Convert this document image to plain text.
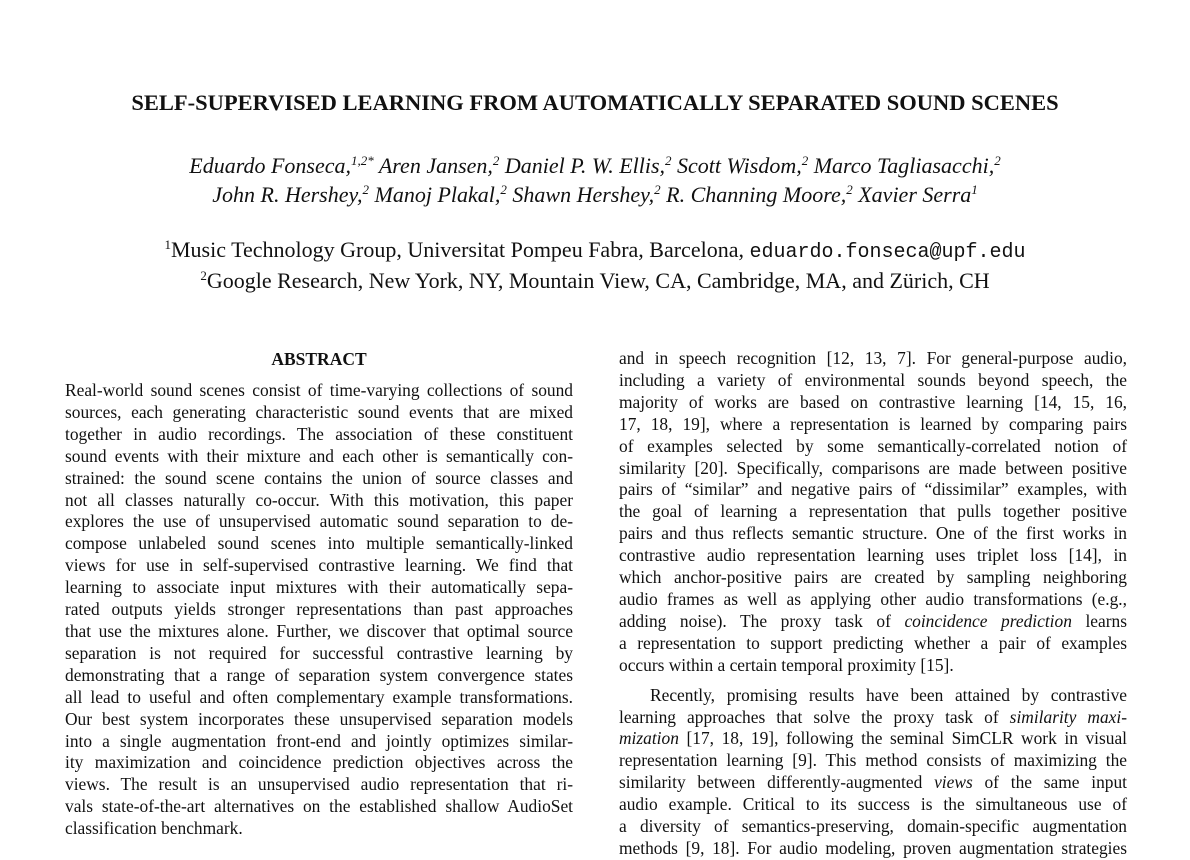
SELF-SUPERVISED LEARNING FROM AUTOMATICALLY SEPARATED SOUND SCENES
Eduardo Fonseca,$^{1,2*}$ Aren Jansen,$^2$ Daniel P. W. Ellis,$^2$ Scott Wisdom,$^2$ Marco Tagliasacchi,$^2$
John R. Hershey,$^2$ Manoj Plakal,$^2$ Shawn Hershey,$^2$ R. Channing Moore,$^2$ Xavier Serra$^1$
$^1$Music Technology Group, Universitat Pompeu Fabra, Barcelona, eduardo.fonseca@upf.edu
$^2$Google Research, New York, NY, Mountain View, CA, Cambridge, MA, and Zürich, CH
ABSTRACT
Real-world sound scenes consist of time-varying collections of sound
sources, each generating characteristic sound events that are mixed
together in audio recordings. The association of these constituent
sound events with their mixture and each other is semantically con-
strained: the sound scene contains the union of source classes and
not all classes naturally co-occur. With this motivation, this paper
explores the use of unsupervised automatic sound separation to de-
compose unlabeled sound scenes into multiple semantically-linked
views for use in self-supervised contrastive learning. We find that
learning to associate input mixtures with their automatically sepa-
rated outputs yields stronger representations than past approaches
that use the mixtures alone. Further, we discover that optimal source
separation is not required for successful contrastive learning by
demonstrating that a range of separation system convergence states
all lead to useful and often complementary example transformations.
Our best system incorporates these unsupervised separation models
into a single augmentation front-end and jointly optimizes similar-
ity maximization and coincidence prediction objectives across the
views. The result is an unsupervised audio representation that ri-
vals state-of-the-art alternatives on the established shallow AudioSet
classification benchmark.
and in speech recognition [12, 13, 7]. For general-purpose audio,
including a variety of environmental sounds beyond speech, the
majority of works are based on contrastive learning [14, 15, 16,
17, 18, 19], where a representation is learned by comparing pairs
of examples selected by some semantically-correlated notion of
similarity [20]. Specifically, comparisons are made between positive
pairs of “similar” and negative pairs of “dissimilar” examples, with
the goal of learning a representation that pulls together positive
pairs and thus reflects semantic structure. One of the first works in
contrastive audio representation learning uses triplet loss [14], in
which anchor-positive pairs are created by sampling neighboring
audio frames as well as applying other audio transformations (e.g.,
adding noise). The proxy task of coincidence prediction learns
a representation to support predicting whether a pair of examples
occurs within a certain temporal proximity [15].
Recently, promising results have been attained by contrastive
learning approaches that solve the proxy task of similarity maxi-
mization [17, 18, 19], following the seminal SimCLR work in visual
representation learning [9]. This method consists of maximizing the
similarity between differently-augmented views of the same input
audio example. Critical to its success is the simultaneous use of
a diversity of semantics-preserving, domain-specific augmentation
methods [9, 18]. For audio modeling, proven augmentation strategies
